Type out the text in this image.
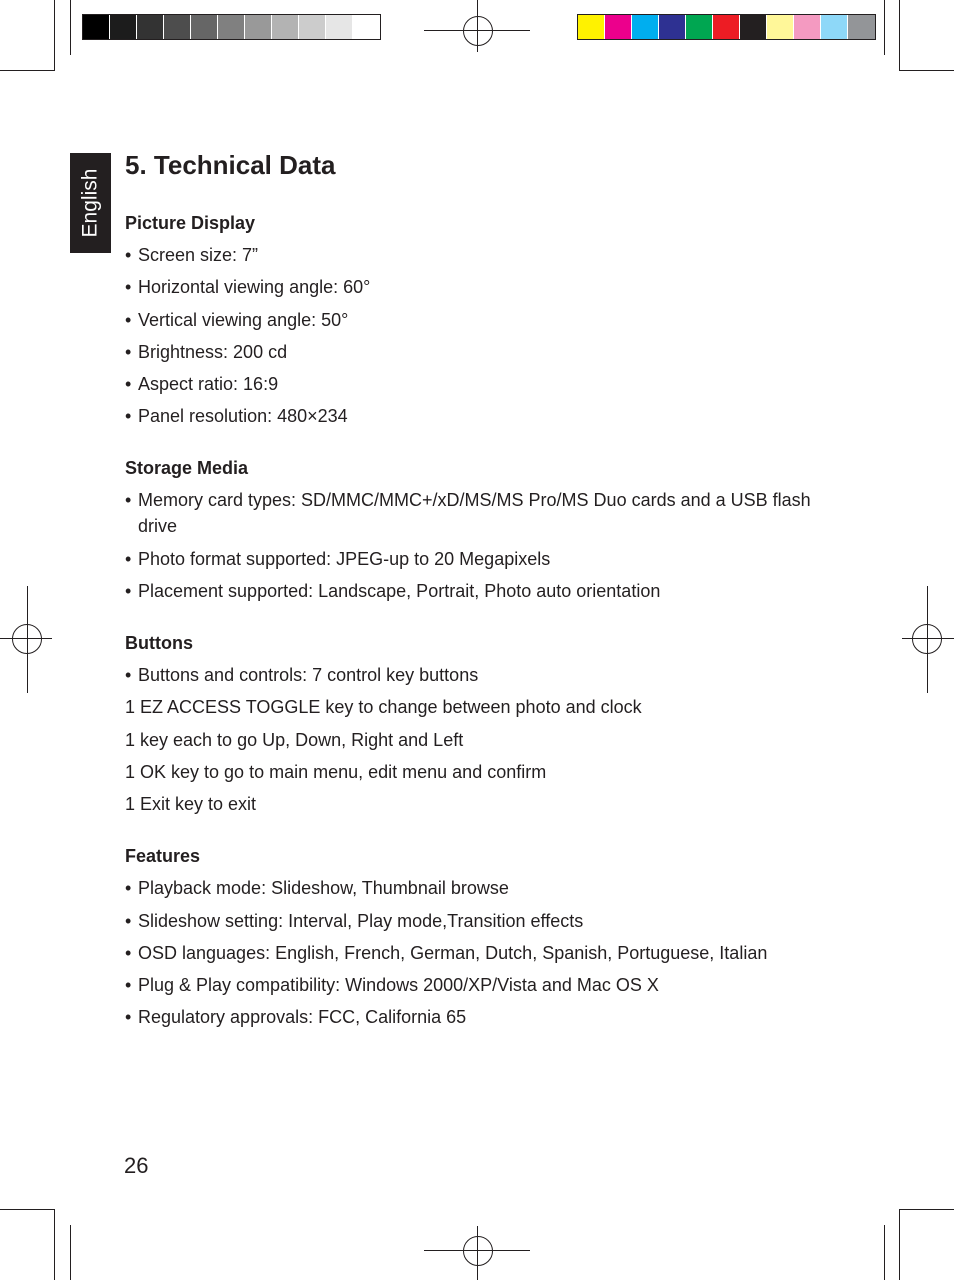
English
5. Technical Data
Picture Display
• Screen size: 7”
• Horizontal viewing angle: 60°
• Vertical viewing angle: 50°
• Brightness: 200 cd
• Aspect ratio: 16:9
• Panel resolution: 480×234
Storage Media
• Memory card types: SD/MMC/MMC+/xD/MS/MS Pro/MS Duo cards and a USB flash drive
• Photo format supported: JPEG-up to 20 Megapixels
• Placement supported: Landscape, Portrait, Photo auto orientation
Buttons
• Buttons and controls: 7 control key buttons
1 EZ ACCESS TOGGLE key to change between photo and clock
1 key each to go Up, Down, Right and Left
1 OK key to go to main menu, edit menu and confirm
1 Exit key to exit
Features
• Playback mode: Slideshow, Thumbnail browse
• Slideshow setting: Interval, Play mode,Transition effects
• OSD languages: English, French, German, Dutch, Spanish, Portuguese, Italian
• Plug & Play compatibility: Windows 2000/XP/Vista and Mac OS X
• Regulatory approvals: FCC, California 65
26
